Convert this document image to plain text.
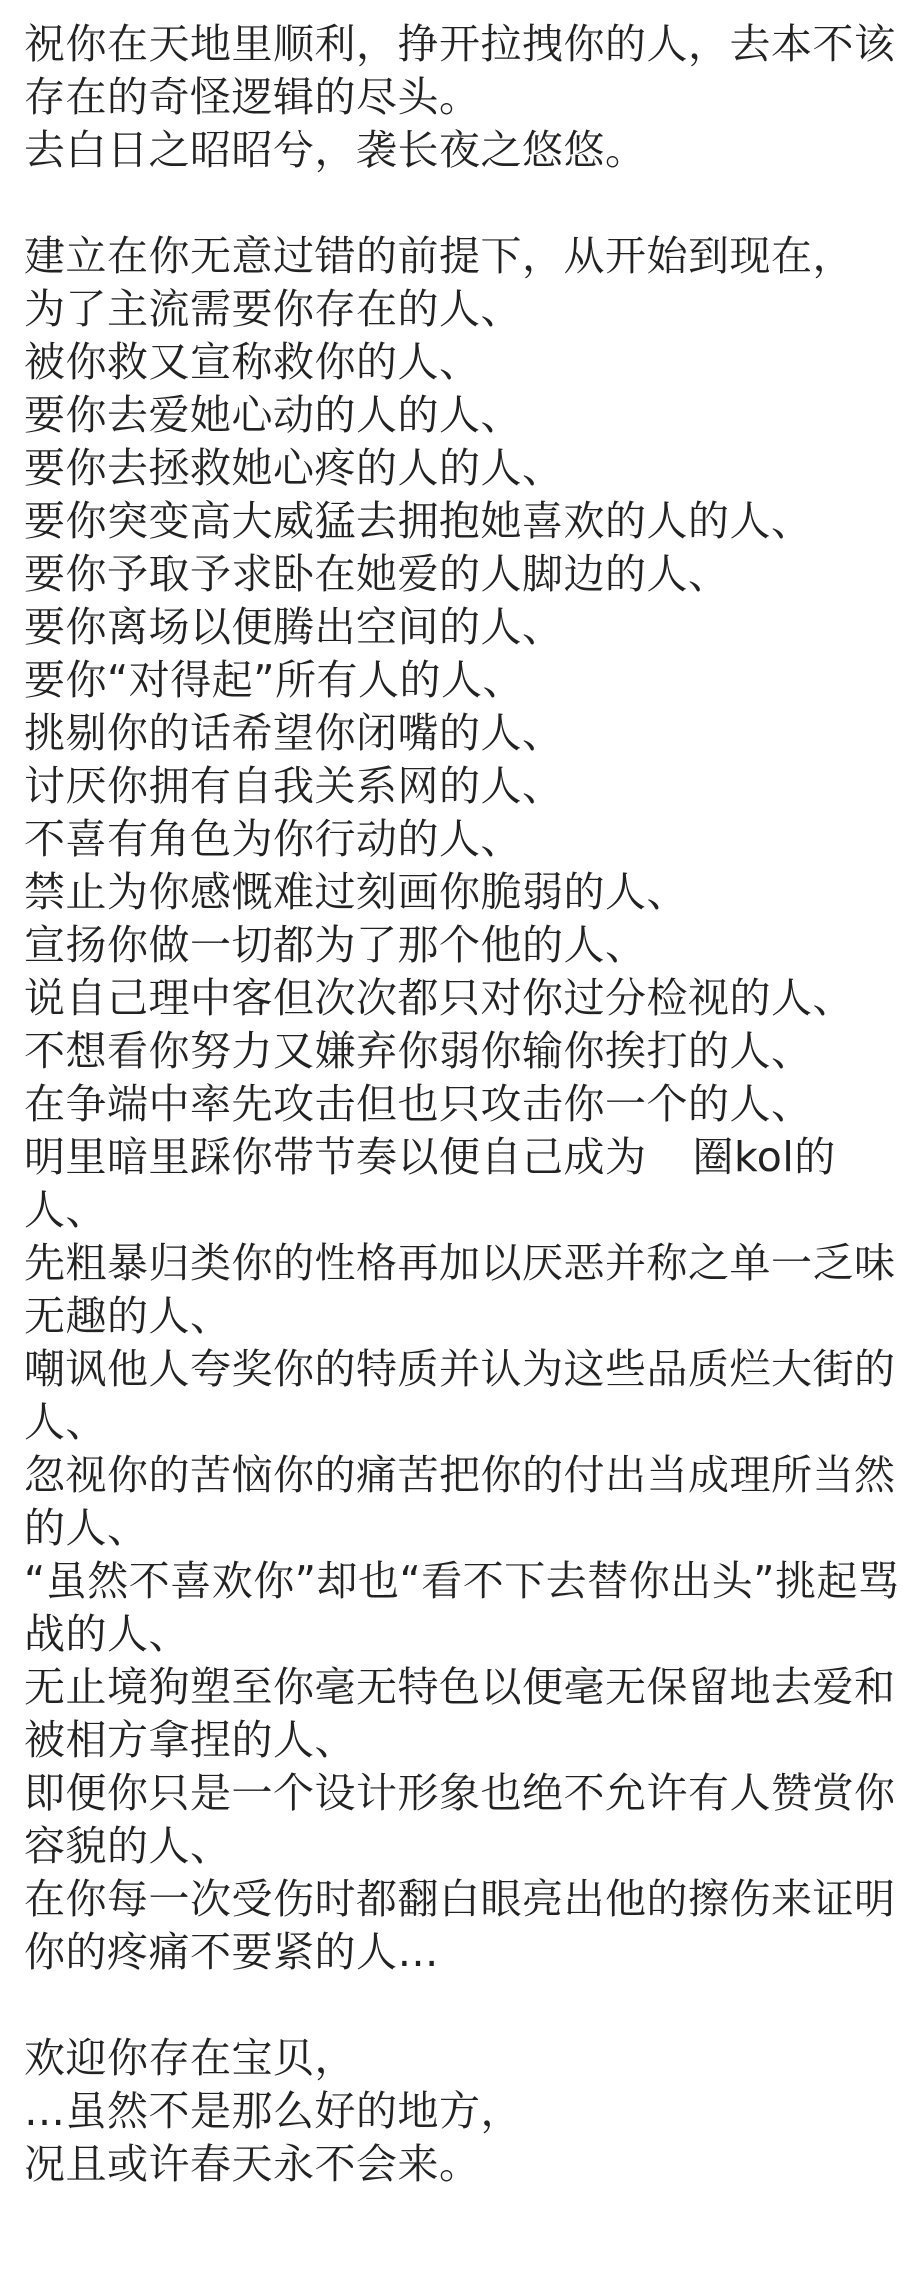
祝你在天地里顺利，挣开拉拽你的人，去本不该
存在的奇怪逻辑的尽头。
去白日之昭昭兮，袭长夜之悠悠。

建立在你无意过错的前提下，从开始到现在，
为了主流需要你存在的人、
被你救又宣称救你的人、
要你去爱她心动的人的人、
要你去拯救她心疼的人的人、
要你突变高大威猛去拥抱她喜欢的人的人、
要你予取予求卧在她爱的人脚边的人、
要你离场以便腾出空间的人、
要你“对得起”所有人的人、
挑剔你的话希望你闭嘴的人、
讨厌你拥有自我关系网的人、
不喜有角色为你行动的人、
禁止为你感慨难过刻画你脆弱的人、
宣扬你做一切都为了那个他的人、
说自己理中客但次次都只对你过分检视的人、
不想看你努力又嫌弃你弱你输你挨打的人、
在争端中率先攻击但也只攻击你一个的人、
明里暗里踩你带节奏以便自己成为 圈kol的
人、
先粗暴归类你的性格再加以厌恶并称之单一乏味
无趣的人、
嘲讽他人夸奖你的特质并认为这些品质烂大街的
人、
忽视你的苦恼你的痛苦把你的付出当成理所当然
的人、
“虽然不喜欢你”却也“看不下去替你出头”挑起骂
战的人、
无止境狗塑至你毫无特色以便毫无保留地去爱和
被相方拿捏的人、
即便你只是一个设计形象也绝不允许有人赞赏你
容貌的人、
在你每一次受伤时都翻白眼亮出他的擦伤来证明
你的疼痛不要紧的人…

欢迎你存在宝贝，
…虽然不是那么好的地方，
况且或许春天永不会来。
